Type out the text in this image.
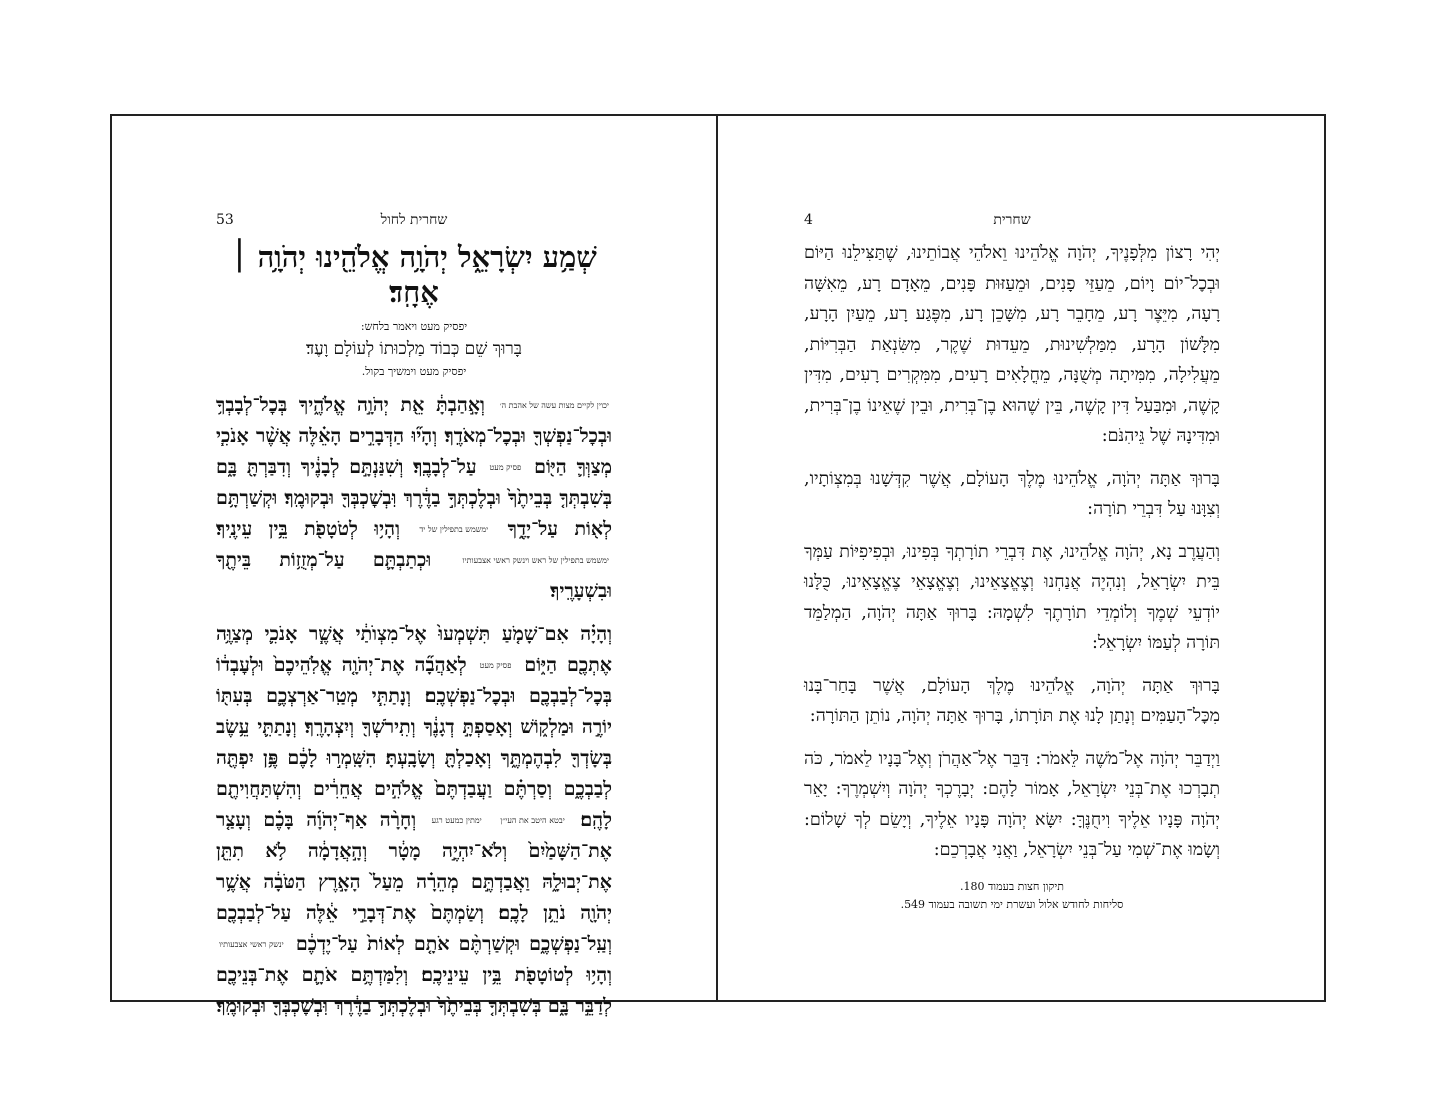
שחרית לחול
53
שְׁמַ֥ע יִשְׂרָאֵ֑ל יְהֹוָ֥ה אֱלֹהֵ֖ינוּ יְהֹוָ֥ה ׀ אֶחָֽד׃
יפסיק מעט ויאמר בלחש:
בָּרוּךְ שֵׁם כְּבוֹד מַלְכוּתוֹ לְעוֹלָם וָעֶד׃
יפסיק מעט וימשיך בקול.

יכוין לקיים מצות עשה של אהבת ה׳ וְאָ֣הַבְתָּ֔ אֵ֖ת יְהֹוָ֣ה אֱלֹהֶ֑יךָ בְּכׇל־לְבָבְךָ֥ וּבְכׇל־נַפְשְׁךָ֖ וּבְכׇל־מְאֹדֶֽךָ׃ וְהָי֞וּ הַדְּבָרִ֣ים הָאֵ֗לֶּה אֲשֶׁ֨ר אָנֹכִ֧י מְצַוְּךָ֛ הַיּ֖וֹם פסיק מעט עַל־לְבָבֶֽךָ׃ וְשִׁנַּנְתָּ֣ם לְבָנֶ֔יךָ וְדִבַּרְתָּ֖ בָּ֑ם בְּשִׁבְתְּךָ֤ בְּבֵיתֶ֙ךָ֙ וּבְלֶכְתְּךָ֣ בַדֶּ֔רֶךְ וּֽבְשׇׁכְבְּךָ֖ וּבְקוּמֶֽךָ׃ וּקְשַׁרְתָּ֥ם לְא֖וֹת עַל־יָדֶ֑ךָ ימשמש בתפילין של יד וְהָי֥וּ לְטֹטָפֹ֖ת בֵּ֥ין עֵינֶֽיךָ׃ ימשמש בתפילין של ראש וינשק ראשי אצבעותיו וּכְתַבְתָּ֛ם עַל־מְזֻז֥וֹת בֵּיתֶ֖ךָ וּבִשְׁעָרֶֽיךָ׃

וְהָיָ֗ה אִם־שָׁמֹ֤עַ תִּשְׁמְעוּ֙ אֶל־מִצְוֺתַ֔י אֲשֶׁ֧ר אָנֹכִ֛י מְצַוֶּ֥ה אֶתְכֶ֖ם הַיּ֑וֹם פסיק מעט לְאַהֲבָ֞ה אֶת־יְהֹוָ֤ה אֱלֹֽהֵיכֶם֙ וּלְעׇבְד֔וֹ בְּכׇל־לְבַבְכֶ֖ם וּבְכׇל־נַפְשְׁכֶֽם׃ וְנָתַתִּ֧י מְטַֽר־אַרְצְכֶ֛ם בְּעִתּ֖וֹ יוֹרֶ֣ה וּמַלְק֑וֹשׁ וְאָסַפְתָּ֣ דְגָנֶ֔ךָ וְתִֽירֹשְׁךָ֖ וְיִצְהָרֶֽךָ׃ וְנָתַתִּ֛י עֵ֥שֶׂב בְּשָׂדְךָ֖ לִבְהֶמְתֶּ֑ךָ וְאָכַלְתָּ֖ וְשָׂבָֽעְתָּ׃ הִשָּֽׁמְר֣וּ לָכֶ֔ם פֶּ֥ן יִפְתֶּ֖ה לְבַבְכֶ֑ם וְסַרְתֶּ֗ם וַעֲבַדְתֶּם֙ אֱלֹהִ֣ים אֲחֵרִ֔ים וְהִשְׁתַּחֲוִיתֶ֖ם לָהֶֽם׃ יבטא היטב את העי״ן ימתין כמעט רגע וְחָרָ֨ה אַף־יְהֹוָ֜ה בָּכֶ֗ם וְעָצַ֤ר אֶת־הַשָּׁמַ֙יִם֙ וְלֹא־יִהְיֶ֣ה מָטָ֔ר וְהָ֣אֲדָמָ֔ה לֹ֥א תִתֵּ֖ן אֶת־יְבוּלָ֑הּ וַאֲבַדְתֶּ֣ם מְהֵרָ֗ה מֵעַל֙ הָאָ֣רֶץ הַטֹּבָ֔ה אֲשֶׁ֥ר יְהֹוָ֖ה נֹתֵ֥ן לָכֶֽם׃ וְשַׂמְתֶּם֙ אֶת־דְּבָרַ֣י אֵ֔לֶּה עַל־לְבַבְכֶ֖ם וְעַֽל־נַפְשְׁכֶ֑ם וּקְשַׁרְתֶּ֨ם אֹתָ֤ם לְאוֹת֙ עַל־יֶדְכֶ֔ם ינשק ראשי אצבעותיו וְהָי֥וּ לְטוֹטָפֹ֖ת בֵּ֥ין עֵינֵיכֶֽם׃ וְלִמַּדְתֶּ֥ם אֹתָ֛ם אֶת־בְּנֵיכֶ֖ם לְדַבֵּ֣ר בָּ֑ם בְּשִׁבְתְּךָ֤ בְּבֵיתֶ֙ךָ֙ וּבְלֶכְתְּךָ֣ בַדֶּ֔רֶךְ וּֽבְשׇׁכְבְּךָ֖ וּבְקוּמֶֽךָ׃

שחרית
4

יְהִי רָצוֹן מִלְּפָנֶיךָ, יְהֹוָה אֱלֹהֵינוּ וֵאלֹהֵי אֲבוֹתֵינוּ, שֶׁתַּצִּילֵנוּ הַיּוֹם וּבְכׇל־יוֹם וָיוֹם, מֵעַזֵּי פָנִים, וּמֵעַזּוּת פָּנִים, מֵאָדָם רָע, מֵאִשָּׁה רָעָה, מִיֵּצֶר רָע, מֵחָבֵר רָע, מִשָּׁכֵן רָע, מִפֶּגַע רָע, מֵעַיִן הָרָע, מִלָּשׁוֹן הָרָע, מִמַּלְשִׁינוּת, מֵעֵדוּת שֶׁקֶר, מִשִּׂנְאַת הַבְּרִיּוֹת, מֵעֲלִילָה, מִמִּיתָה מְשֻׁנָּה, מֵחֳלָאִים רָעִים, מִמִּקְרִים רָעִים, מִדִּין קָשֶׁה, וּמִבַּעַל דִּין קָשֶׁה, בֵּין שֶׁהוּא בֶן־בְּרִית, וּבֵין שֶׁאֵינוֹ בֶן־בְּרִית, וּמִדִּינָהּ שֶׁל גֵּיהִנֹּם:

בָּרוּךְ אַתָּה יְהֹוָה, אֱלֹהֵינוּ מֶלֶךְ הָעוֹלָם, אֲשֶׁר קִדְּשָׁנוּ בְּמִצְוֹתָיו, וְצִוָּנוּ עַל דִּבְרֵי תוֹרָה:

וְהַעֲרֶב נָא, יְהֹוָה אֱלֹהֵינוּ, אֶת דִּבְרֵי תוֹרָתְךָ בְּפִינוּ, וּבְפִיפִיּוֹת עַמְּךָ בֵּית יִשְׂרָאֵל, וְנִהְיֶה אֲנַחְנוּ וְצֶאֱצָאֵינוּ, וְצֶאֱצָאֵי צֶאֱצָאֵינוּ, כֻּלָּנוּ יוֹדְעֵי שְׁמֶךָ וְלוֹמְדֵי תוֹרָתֶךָ לִשְׁמָהּ: בָּרוּךְ אַתָּה יְהֹוָה, הַמְלַמֵּד תּוֹרָה לְעַמּוֹ יִשְׂרָאֵל:

בָּרוּךְ אַתָּה יְהֹוָה, אֱלֹהֵינוּ מֶלֶךְ הָעוֹלָם, אֲשֶׁר בָּחַר־בָּנוּ מִכׇּל־הָעַמִּים וְנָתַן לָנוּ אֶת תּוֹרָתוֹ, בָּרוּךְ אַתָּה יְהֹוָה, נוֹתֵן הַתּוֹרָה:

וַיְדַבֵּר יְהֹוָה אֶל־מֹשֶׁה לֵּאמֹר: דַּבֵּר אֶל־אַהֲרֹן וְאֶל־בָּנָיו לֵאמֹר, כֹּה תְבָרְכוּ אֶת־בְּנֵי יִשְׂרָאֵל, אָמוֹר לָהֶם: יְבָרֶכְךָ יְהֹוָה וְיִשְׁמְרֶךָ: יָאֵר יְהֹוָה פָּנָיו אֵלֶיךָ וִיחֻנֶּךָּ: יִשָּׂא יְהֹוָה פָּנָיו אֵלֶיךָ, וְיָשֵׂם לְךָ שָׁלוֹם: וְשָׂמוּ אֶת־שְׁמִי עַל־בְּנֵי יִשְׂרָאֵל, וַאֲנִי אֲבָרְכֵם:

תיקון חצות בעמוד 180.
סליחות לחודש אלול ועשרת ימי תשובה בעמוד 549.
